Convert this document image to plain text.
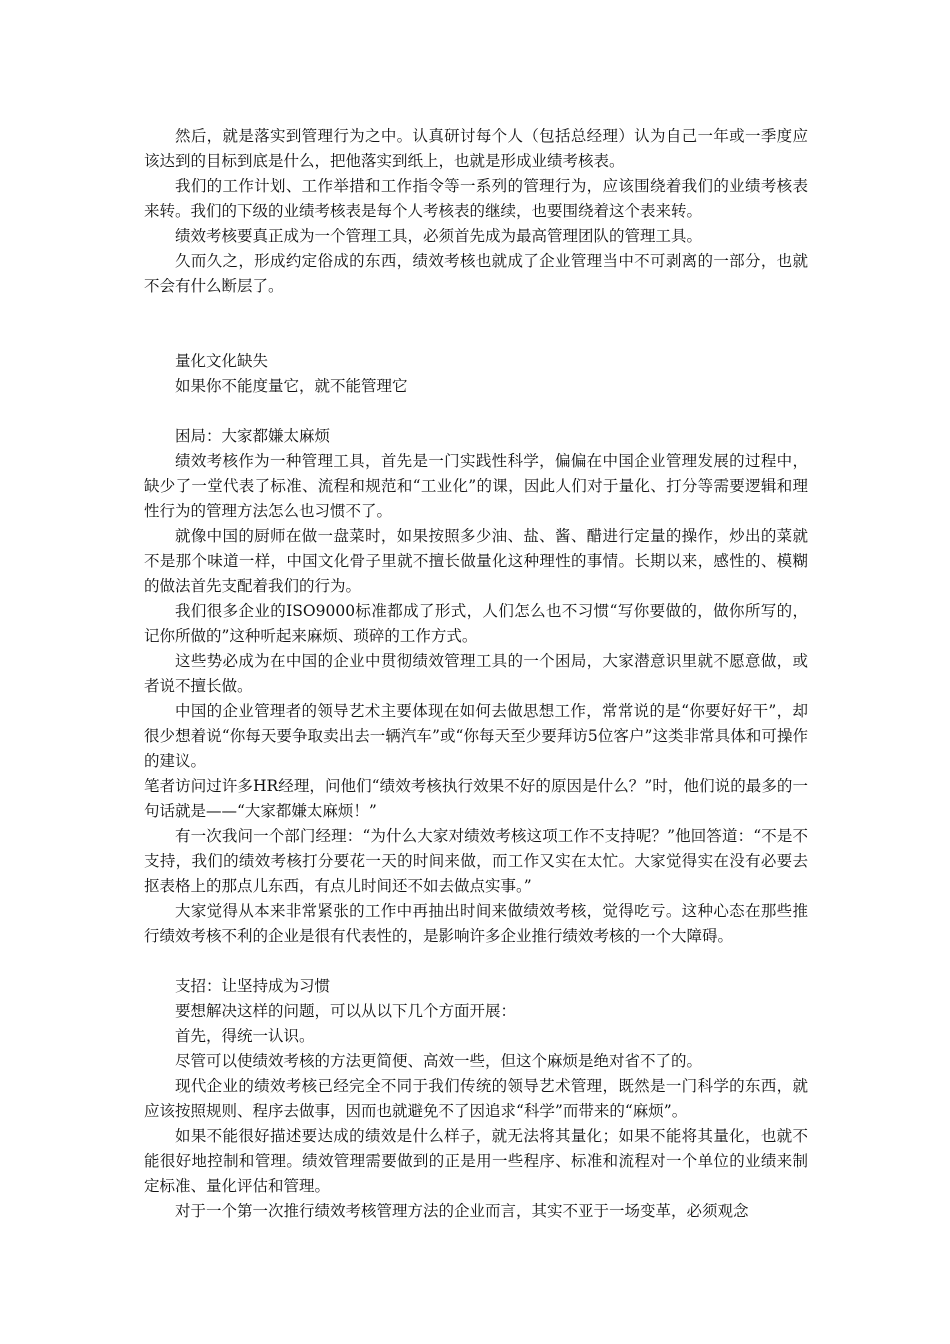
然后，就是落实到管理行为之中。认真研讨每个人（包括总经理）认为自己一年或一季度应该达到的目标到底是什么，把他落实到纸上，也就是形成业绩考核表。

我们的工作计划、工作举措和工作指令等一系列的管理行为，应该围绕着我们的业绩考核表来转。我们的下级的业绩考核表是每个人考核表的继续，也要围绕着这个表来转。

绩效考核要真正成为一个管理工具，必须首先成为最高管理团队的管理工具。

久而久之，形成约定俗成的东西，绩效考核也就成了企业管理当中不可剥离的一部分，也就不会有什么断层了。

量化文化缺失

如果你不能度量它，就不能管理它

困局：大家都嫌太麻烦

绩效考核作为一种管理工具，首先是一门实践性科学，偏偏在中国企业管理发展的过程中，缺少了一堂代表了标准、流程和规范和“工业化”的课，因此人们对于量化、打分等需要逻辑和理性行为的管理方法怎么也习惯不了。

就像中国的厨师在做一盘菜时，如果按照多少油、盐、酱、醋进行定量的操作，炒出的菜就不是那个味道一样，中国文化骨子里就不擅长做量化这种理性的事情。长期以来，感性的、模糊的做法首先支配着我们的行为。

我们很多企业的ISO9000标准都成了形式，人们怎么也不习惯“写你要做的，做你所写的，记你所做的”这种听起来麻烦、琐碎的工作方式。

这些势必成为在中国的企业中贯彻绩效管理工具的一个困局，大家潜意识里就不愿意做，或者说不擅长做。

中国的企业管理者的领导艺术主要体现在如何去做思想工作，常常说的是“你要好好干”，却很少想着说“你每天要争取卖出去一辆汽车”或“你每天至少要拜访5位客户”这类非常具体和可操作的建议。

笔者访问过许多HR经理，问他们“绩效考核执行效果不好的原因是什么？”时，他们说的最多的一句话就是——“大家都嫌太麻烦！”

有一次我问一个部门经理：“为什么大家对绩效考核这项工作不支持呢？”他回答道：“不是不支持，我们的绩效考核打分要花一天的时间来做，而工作又实在太忙。大家觉得实在没有必要去抠表格上的那点儿东西，有点儿时间还不如去做点实事。”

大家觉得从本来非常紧张的工作中再抽出时间来做绩效考核，觉得吃亏。这种心态在那些推行绩效考核不利的企业是很有代表性的，是影响许多企业推行绩效考核的一个大障碍。

支招：让坚持成为习惯

要想解决这样的问题，可以从以下几个方面开展：

首先，得统一认识。

尽管可以使绩效考核的方法更简便、高效一些，但这个麻烦是绝对省不了的。

现代企业的绩效考核已经完全不同于我们传统的领导艺术管理，既然是一门科学的东西，就应该按照规则、程序去做事，因而也就避免不了因追求“科学”而带来的“麻烦”。

如果不能很好描述要达成的绩效是什么样子，就无法将其量化；如果不能将其量化，也就不能很好地控制和管理。绩效管理需要做到的正是用一些程序、标准和流程对一个单位的业绩来制定标准、量化评估和管理。

对于一个第一次推行绩效考核管理方法的企业而言，其实不亚于一场变革，必须观念
